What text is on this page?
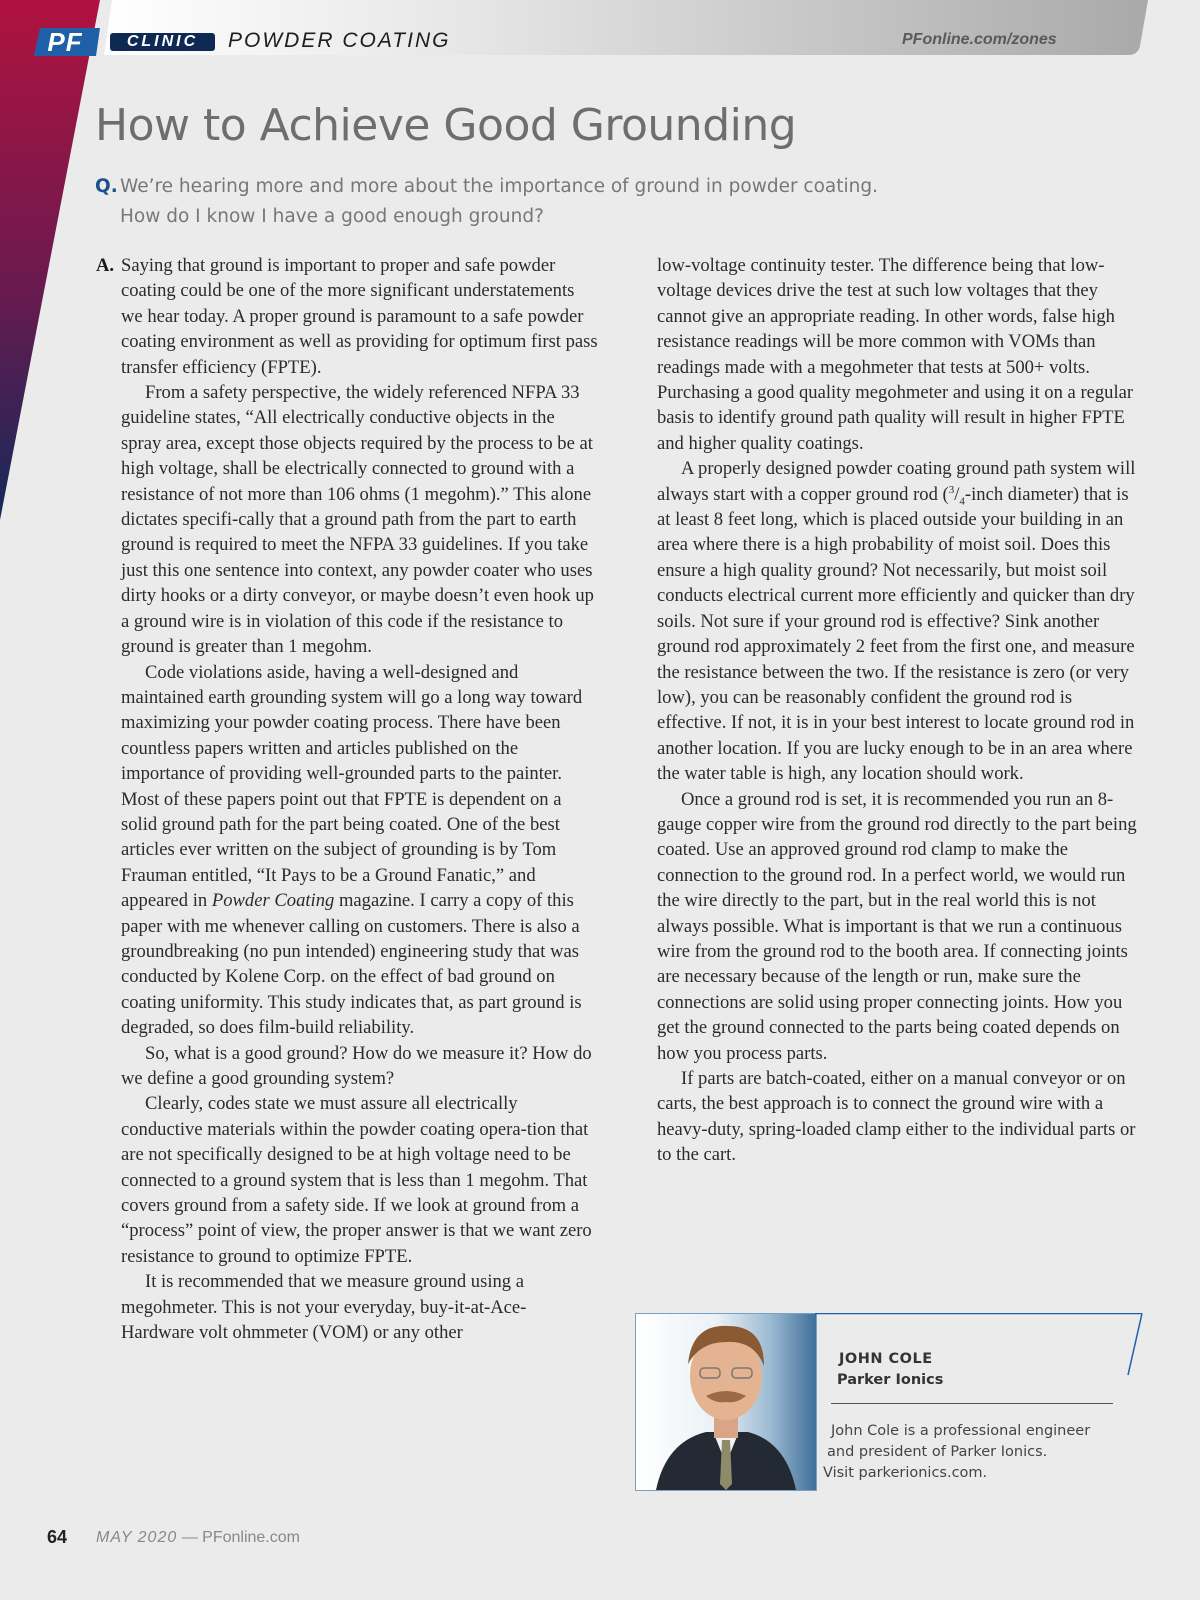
PF	CLINIC	POWDER COATING	PFonline.com/zones
How to Achieve Good Grounding
Q. We’re hearing more and more about the importance of ground in powder coating.
How do I know I have a good enough ground?
A. Saying that ground is important to proper and safe powder coating could be one of the more significant understatements we hear today. A proper ground is paramount to a safe powder coating environment as well as providing for optimum first pass transfer efficiency (FPTE).

From a safety perspective, the widely referenced NFPA 33 guideline states, “All electrically conductive objects in the spray area, except those objects required by the process to be at high voltage, shall be electrically connected to ground with a resistance of not more than 106 ohms (1 megohm).” This alone dictates specifi-cally that a ground path from the part to earth ground is required to meet the NFPA 33 guidelines. If you take just this one sentence into context, any powder coater who uses dirty hooks or a dirty conveyor, or maybe doesn’t even hook up a ground wire is in violation of this code if the resistance to ground is greater than 1 megohm.

Code violations aside, having a well-designed and maintained earth grounding system will go a long way toward maximizing your powder coating process. There have been countless papers written and articles published on the importance of providing well-grounded parts to the painter. Most of these papers point out that FPTE is dependent on a solid ground path for the part being coated. One of the best articles ever written on the subject of grounding is by Tom Frauman entitled, “It Pays to be a Ground Fanatic,” and appeared in Powder Coating magazine. I carry a copy of this paper with me whenever calling on customers. There is also a groundbreaking (no pun intended) engineering study that was conducted by Kolene Corp. on the effect of bad ground on coating uniformity. This study indicates that, as part ground is degraded, so does film-build reliability.

So, what is a good ground? How do we measure it? How do we define a good grounding system?

Clearly, codes state we must assure all electrically conductive materials within the powder coating opera-tion that are not specifically designed to be at high voltage need to be connected to a ground system that is less than 1 megohm. That covers ground from a safety side. If we look at ground from a “process” point of view, the proper answer is that we want zero resistance to ground to optimize FPTE.

It is recommended that we measure ground using a megohmeter. This is not your everyday, buy-it-at-Ace-Hardware volt ohmmeter (VOM) or any other

low-voltage continuity tester. The difference being that low-voltage devices drive the test at such low voltages that they cannot give an appropriate reading. In other words, false high resistance readings will be more common with VOMs than readings made with a megohmeter that tests at 500+ volts. Purchasing a good quality megohmeter and using it on a regular basis to identify ground path quality will result in higher FPTE and higher quality coatings.

A properly designed powder coating ground path system will always start with a copper ground rod ($^3/_4$-inch diameter) that is at least 8 feet long, which is placed outside your building in an area where there is a high probability of moist soil. Does this ensure a high quality ground? Not necessarily, but moist soil conducts electrical current more efficiently and quicker than dry soils. Not sure if your ground rod is effective? Sink another ground rod approximately 2 feet from the first one, and measure the resistance between the two. If the resistance is zero (or very low), you can be reasonably confident the ground rod is effective. If not, it is in your best interest to locate ground rod in another location. If you are lucky enough to be in an area where the water table is high, any location should work.

Once a ground rod is set, it is recommended you run an 8-gauge copper wire from the ground rod directly to the part being coated. Use an approved ground rod clamp to make the connection to the ground rod. In a perfect world, we would run the wire directly to the part, but in the real world this is not always possible. What is important is that we run a continuous wire from the ground rod to the booth area. If connecting joints are necessary because of the length or run, make sure the connections are solid using proper connecting joints. How you get the ground connected to the parts being coated depends on how you process parts.

If parts are batch-coated, either on a manual conveyor or on carts, the best approach is to connect the ground wire with a heavy-duty, spring-loaded clamp either to the individual parts or to the cart.

JOHN COLE
Parker Ionics
John Cole is a professional engineer
and president of Parker Ionics.
Visit parkerionics.com.
64 MAY 2020 — PFonline.com
